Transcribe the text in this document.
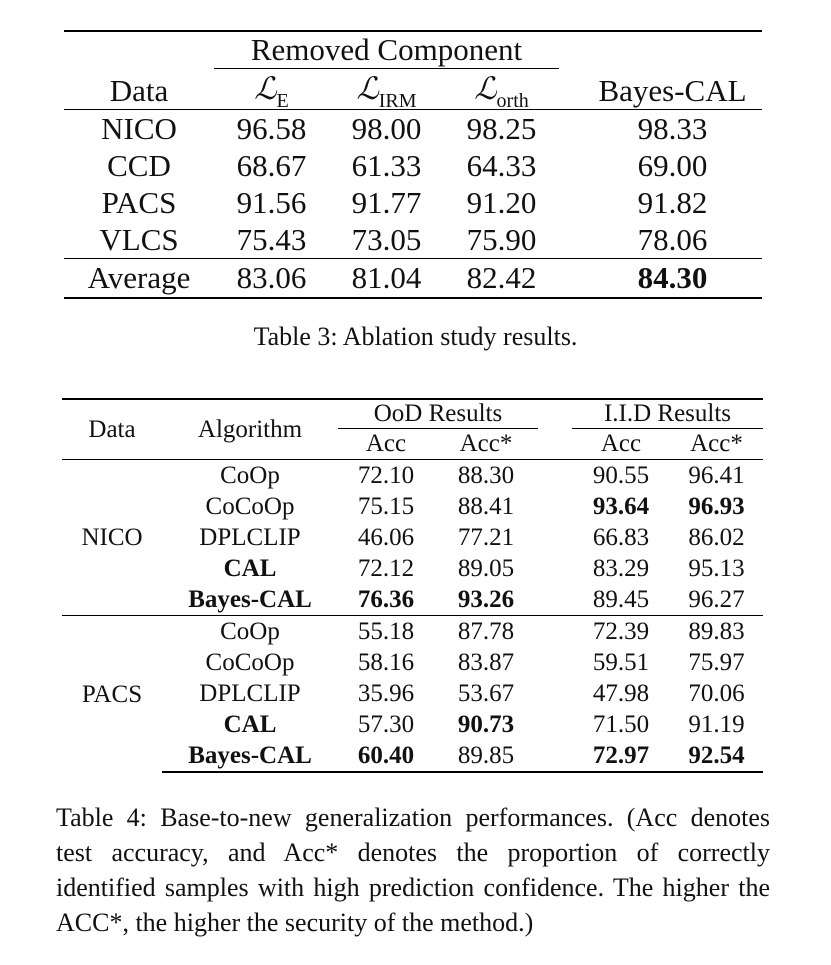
Data	Removed Component				Bayes-CAL
	ℒ$_E$	ℒ$_{IRM}$	ℒ$_{orth}$	
NICO	96.58	98.00	98.25		98.33
CCD	68.67	61.33	64.33		69.00
PACS	91.56	91.77	91.20		91.82
VLCS	75.43	73.05	75.90		78.06
Average	83.06	81.04	82.42		84.30
Table 3: Ablation study results.

Data	Algorithm	OoD Results			I.I.D Results	
		Acc	Acc*		Acc	Acc*
NICO	CoOp	72.10	88.30		90.55	96.41
	CoCoOp	75.15	88.41		93.64	96.93
	DPLCLIP	46.06	77.21		66.83	86.02
	CAL	72.12	89.05		83.29	95.13
	Bayes-CAL	76.36	93.26		89.45	96.27
PACS	CoOp	55.18	87.78		72.39	89.83
	CoCoOp	58.16	83.87		59.51	75.97
	DPLCLIP	35.96	53.67		47.98	70.06
	CAL	57.30	90.73		71.50	91.19
	Bayes-CAL	60.40	89.85		72.97	92.54
Table 4: Base-to-new generalization performances. (Acc denotes test accuracy, and Acc* denotes the proportion of correctly identified samples with high prediction confidence. The higher the ACC*, the higher the security of the method.)
